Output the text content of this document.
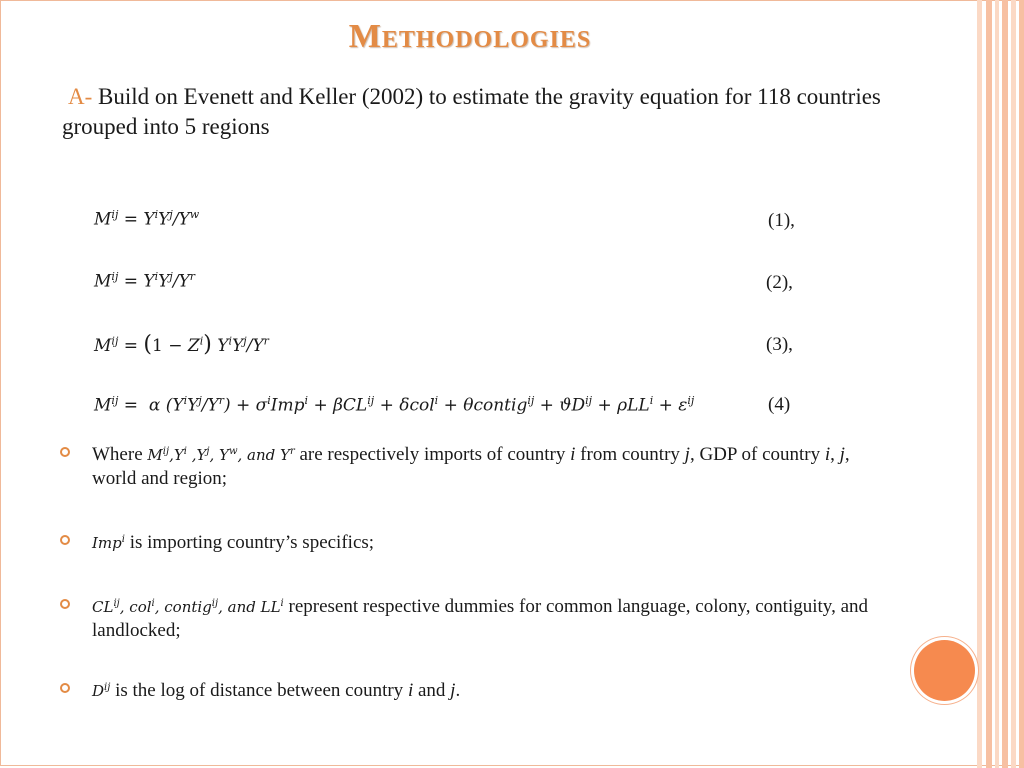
Methodologies
A- Build on Evenett and Keller (2002) to estimate the gravity equation for 118 countries grouped into 5 regions
$M^{ij} = Y^iY^j/Y^w$	(1),
$M^{ij} = Y^iY^j/Y^r$	(2),
$M^{ij} = (1 - Z^i)$ $Y^iY^j/Y^r$	(3),
$M^{ij} = \alpha$ $(Y^iY^j/Y^r) + \sigma^iImp^i + \beta CL^{ij} + \delta col^i$ + θcontig$^{ij}$ + $ϑD^{ij} + \rho LL^i + \varepsilon^{ij}$	(4)
Where $M^{ij},Y^i$ $,Y^j$, $Y^w$, and $Y^r$ are respectively imports of country i from country j, GDP of country i, j, world and region;
Imp$^i$ is importing country’s specifics;
$CL^{ij}$, col$^i$, contig$^{ij}$, and $LL^i$ represent respective dummies for common language, colony, contiguity, and landlocked;
$D^{ij}$ is the log of distance between country i and j.
